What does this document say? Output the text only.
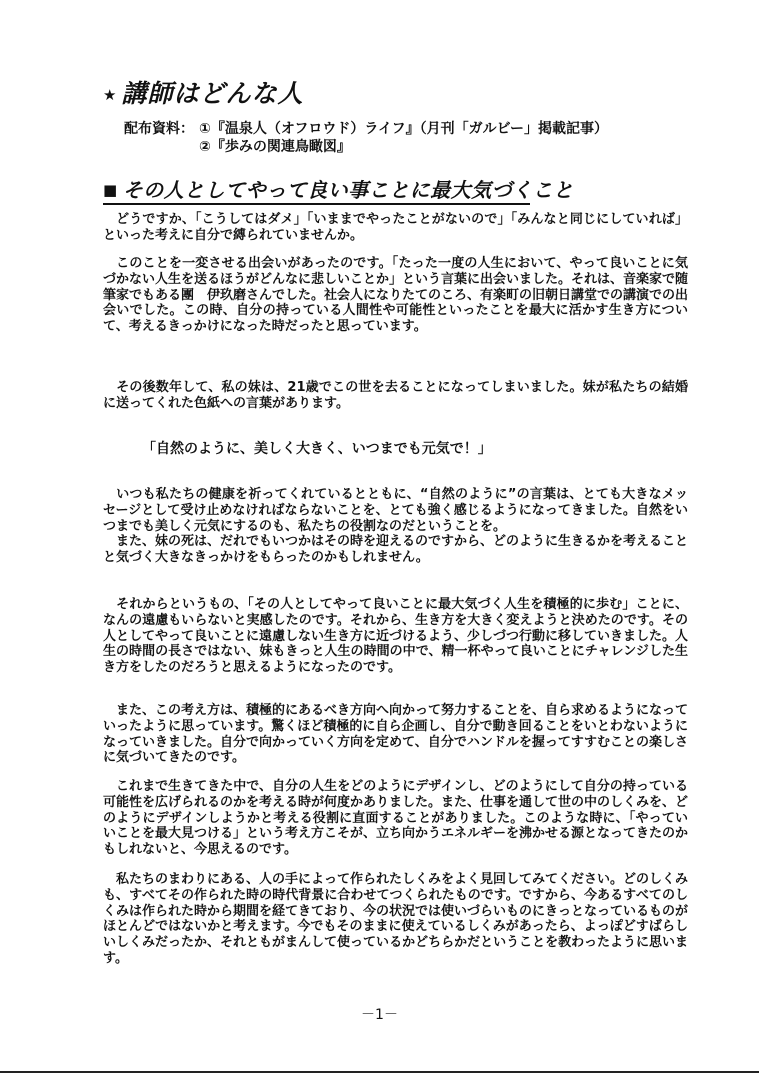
★ 講師はどんな人
配布資料： ①『温泉人（オフロウド）ライフ』（月刊「ガルビー」掲載記事）
②『歩みの関連鳥瞰図』
■ その人としてやって良い事ことに最大気づくこと

　どうですか、「こうしてはダメ」「いままでやったことがないので」「みんなと同じにしていれば」といった考えに自分で縛られていませんか。

　このことを一変させる出会いがあったのです。「たった一度の人生において、やって良いことに気づかない人生を送るほうがどんなに悲しいことか」という言葉に出会いました。それは、音楽家で随筆家でもある團　伊玖磨さんでした。社会人になりたてのころ、有楽町の旧朝日講堂での講演での出会いでした。この時、自分の持っている人間性や可能性といったことを最大に活かす生き方について、考えるきっかけになった時だったと思っています。

　その後数年して、私の妹は、21歳でこの世を去ることになってしまいました。妹が私たちの結婚に送ってくれた色紙への言葉があります。

「自然のように、美しく大きく、いつまでも元気で！」

　いつも私たちの健康を祈ってくれているとともに、“自然のように”の言葉は、とても大きなメッセージとして受け止めなければならないことを、とても強く感じるようになってきました。自然をいつまでも美しく元気にするのも、私たちの役割なのだということを。
　また、妹の死は、だれでもいつかはその時を迎えるのですから、どのように生きるかを考えることと気づく大きなきっかけをもらったのかもしれません。

　それからというもの、「その人としてやって良いことに最大気づく人生を積極的に歩む」ことに、なんの遠慮もいらないと実感したのです。それから、生き方を大きく変えようと決めたのです。その人としてやって良いことに遠慮しない生き方に近づけるよう、少しづつ行動に移していきました。人生の時間の長さではない、妹もきっと人生の時間の中で、精一杯やって良いことにチャレンジした生き方をしたのだろうと思えるようになったのです。

　また、この考え方は、積極的にあるべき方向へ向かって努力することを、自ら求めるようになっていったように思っています。驚くほど積極的に自ら企画し、自分で動き回ることをいとわないようになっていきました。自分で向かっていく方向を定めて、自分でハンドルを握ってすすむことの楽しさに気づいてきたのです。

　これまで生きてきた中で、自分の人生をどのようにデザインし、どのようにして自分の持っている可能性を広げられるのかを考える時が何度かありました。また、仕事を通して世の中のしくみを、どのようにデザインしようかと考える役割に直面することがありました。このような時に、「やっていいことを最大見つける」という考え方こそが、立ち向かうエネルギーを沸かせる源となってきたのかもしれないと、今思えるのです。

　私たちのまわりにある、人の手によって作られたしくみをよく見回してみてください。どのしくみも、すべてその作られた時の時代背景に合わせてつくられたものです。ですから、今あるすべてのしくみは作られた時から期間を経てきており、今の状況では使いづらいものにきっとなっているものがほとんどではないかと考えます。今でもそのままに使えているしくみがあったら、よっぽどすばらしいしくみだったか、それともがまんして使っているかどちらかだということを教わったように思います。

－1－
